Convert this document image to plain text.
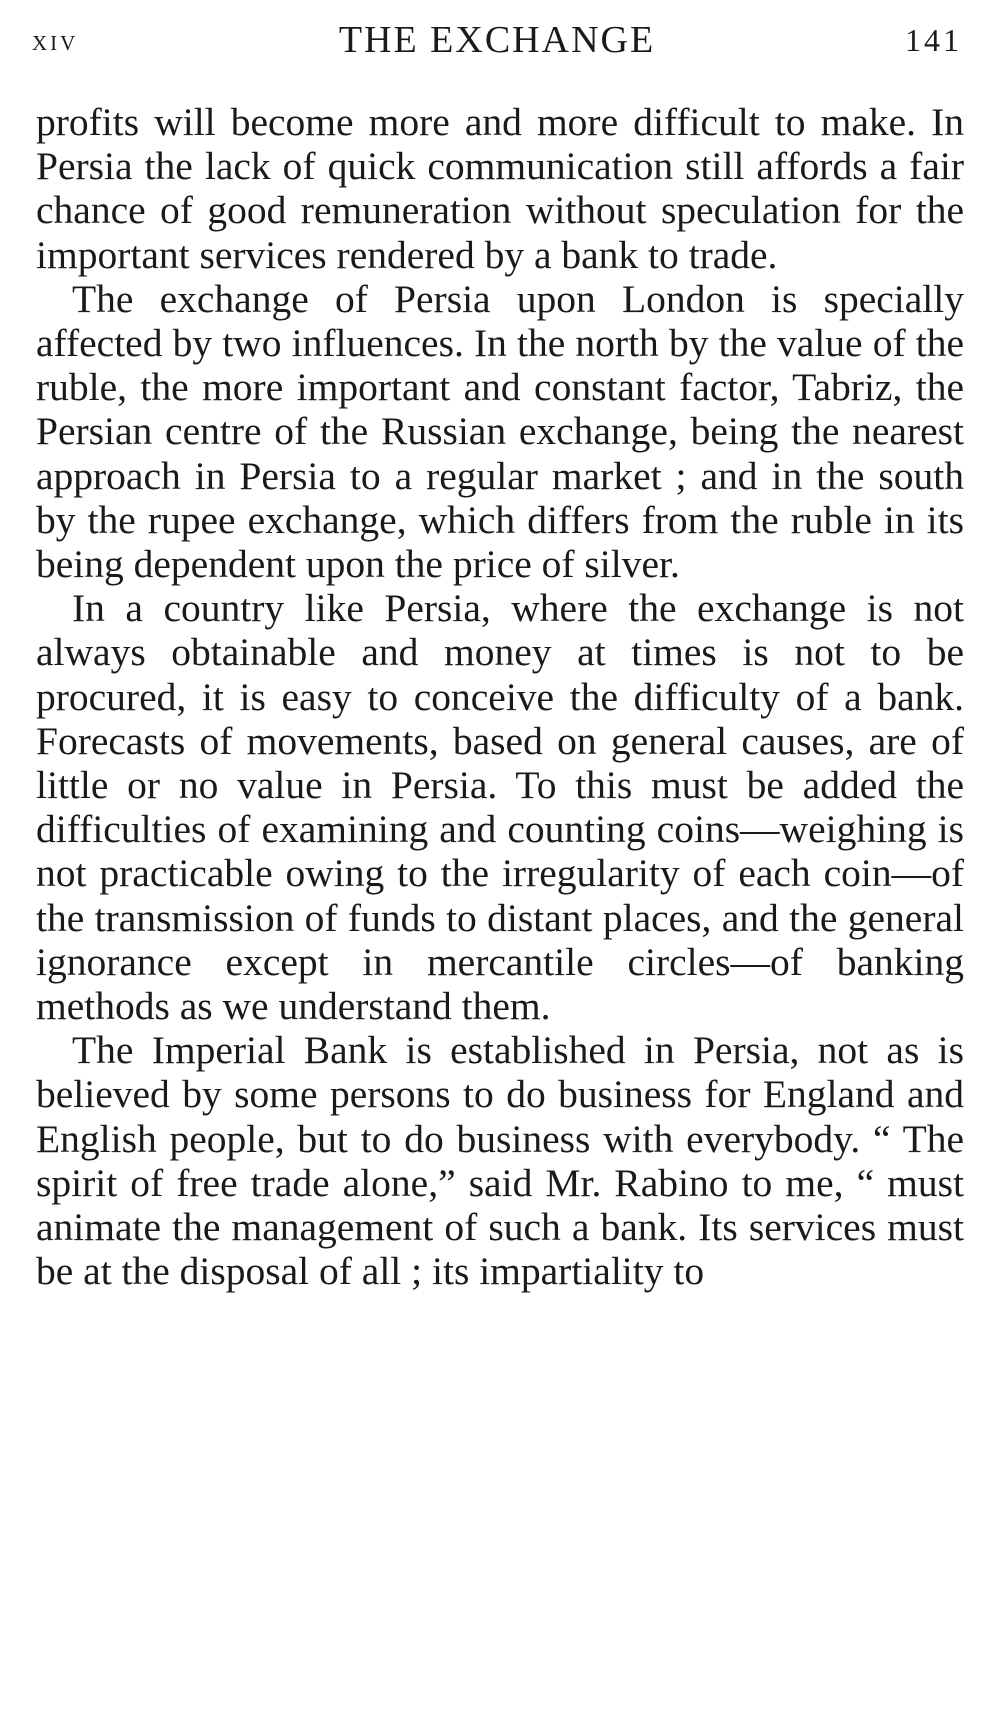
xiv	THE EXCHANGE	141

profits will become more and more difficult to make. In Persia the lack of quick communication still affords a fair chance of good remuneration without speculation for the important services rendered by a bank to trade.

The exchange of Persia upon London is specially affected by two influences. In the north by the value of the ruble, the more important and constant factor, Tabriz, the Persian centre of the Russian exchange, being the nearest approach in Persia to a regular market ; and in the south by the rupee exchange, which differs from the ruble in its being dependent upon the price of silver.

In a country like Persia, where the exchange is not always obtainable and money at times is not to be procured, it is easy to conceive the difficulty of a bank. Forecasts of movements, based on general causes, are of little or no value in Persia. To this must be added the difficulties of examining and counting coins—weighing is not practicable owing to the irregularity of each coin—of the transmission of funds to distant places, and the general ignorance except in mercantile circles—of banking methods as we understand them.

The Imperial Bank is established in Persia, not as is believed by some persons to do business for England and English people, but to do business with everybody. “ The spirit of free trade alone,” said Mr. Rabino to me, “ must animate the management of such a bank. Its services must be at the disposal of all ; its impartiality to
